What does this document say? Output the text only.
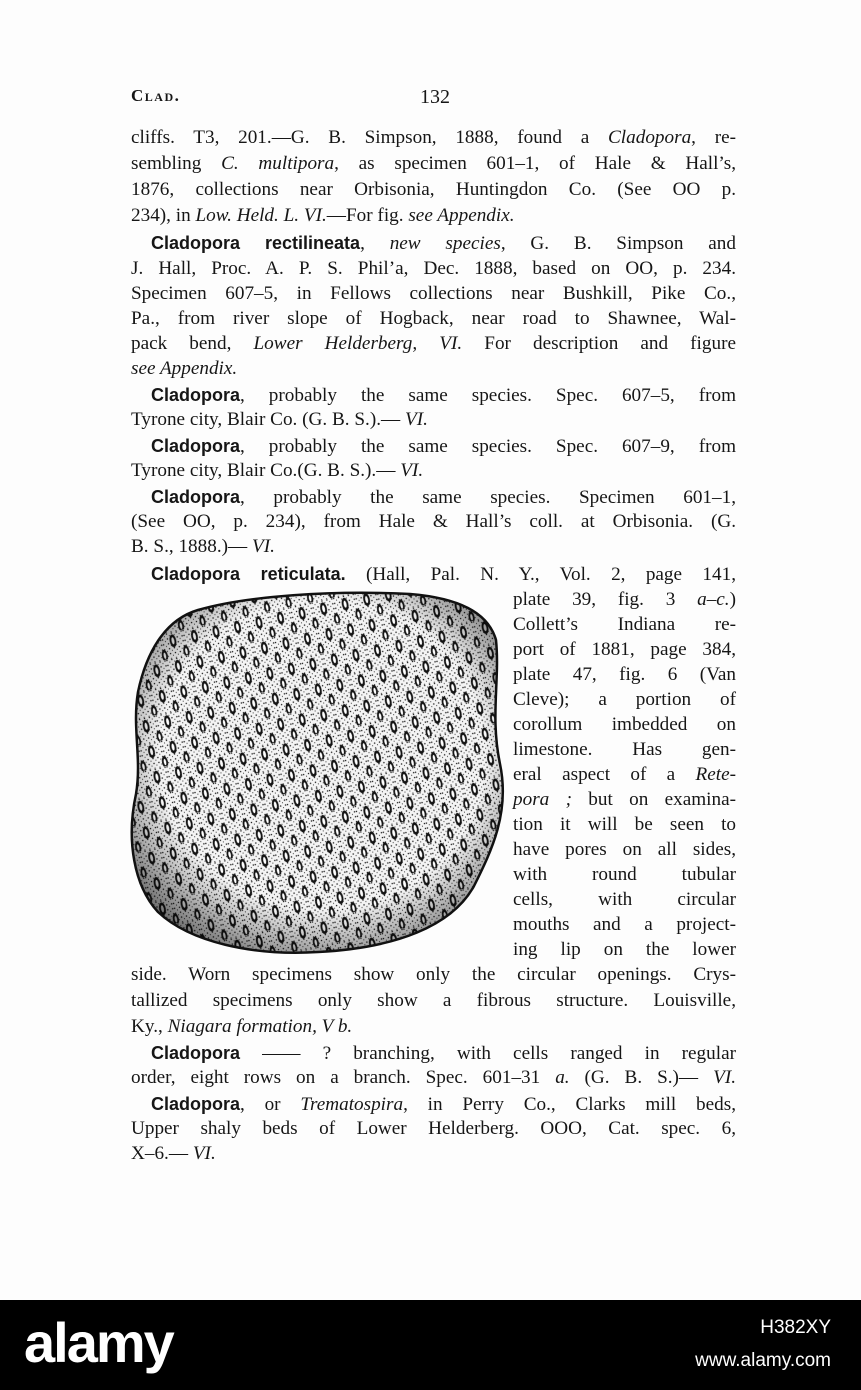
Clad.	132
cliffs. T3, 201.—G. B. Simpson, 1888, found a Cladopora, re-
sembling C. multipora, as specimen 601–1, of Hale & Hall’s,
1876, collections near Orbisonia, Huntingdon Co. (See OO p.
234), in Low. Held. L. VI.—For fig. see Appendix.
Cladopora rectilineata, new species, G. B. Simpson and
J. Hall, Proc. A. P. S. Phil’a, Dec. 1888, based on OO, p. 234.
Specimen 607–5, in Fellows collections near Bushkill, Pike Co.,
Pa., from river slope of Hogback, near road to Shawnee, Wal-
pack bend, Lower Helderberg, VI. For description and figure
see Appendix.
Cladopora, probably the same species. Spec. 607–5, from
Tyrone city, Blair Co. (G. B. S.).— VI.
Cladopora, probably the same species. Spec. 607–9, from
Tyrone city, Blair Co.(G. B. S.).— VI.
Cladopora, probably the same species. Specimen 601–1,
(See OO, p. 234), from Hale & Hall’s coll. at Orbisonia. (G.
B. S., 1888.)— VI.
Cladopora reticulata. (Hall, Pal. N. Y., Vol. 2, page 141,
plate 39, fig. 3 a–c.)
Collett’s Indiana re-
port of 1881, page 384,
plate 47, fig. 6 (Van
Cleve); a portion of
corollum imbedded on
limestone. Has gen-
eral aspect of a Rete-
pora ; but on examina-
tion it will be seen to
have pores on all sides,
with round tubular
cells, with circular
mouths and a project-
ing lip on the lower
side. Worn specimens show only the circular openings. Crys-
tallized specimens only show a fibrous structure. Louisville,
Ky., Niagara formation, V b.
Cladopora —— ? branching, with cells ranged in regular
order, eight rows on a branch. Spec. 601–31 a. (G. B. S.)— VI.
Cladopora, or Trematospira, in Perry Co., Clarks mill beds,
Upper shaly beds of Lower Helderberg. OOO, Cat. spec. 6,
X–6.— VI.
alamy	H382XY
www.alamy.com
